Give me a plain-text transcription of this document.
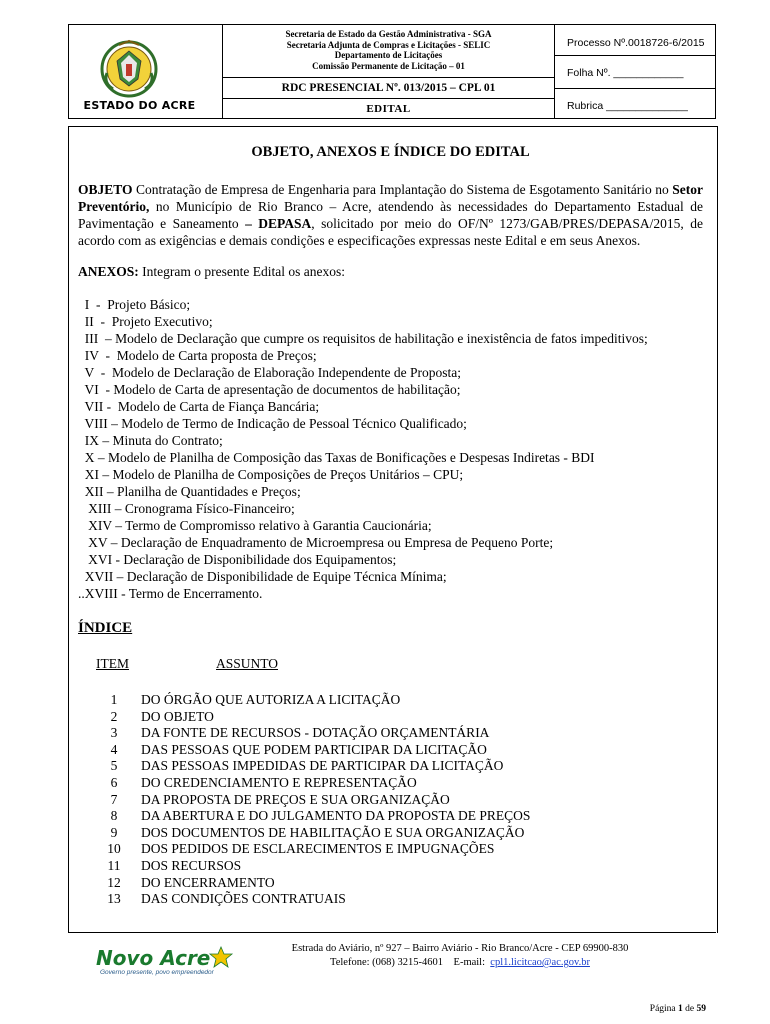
ESTADO DO ACRE
Secretaria de Estado da Gestão Administrativa - SGA
Secretaria Adjunta de Compras e Licitações - SELIC
Departamento de Licitações
Comissão Permanente de Licitação – 01
RDC PRESENCIAL Nº. 013/2015 – CPL 01
EDITAL
Processo Nº.0018726-6/2015
Folha Nº. ____________
Rubrica ______________
OBJETO, ANEXOS E ÍNDICE DO EDITAL

OBJETO Contratação de Empresa de Engenharia para Implantação do Sistema de Esgotamento Sanitário no Setor Preventório, no Município de Rio Branco – Acre, atendendo às necessidades do Departamento Estadual de Pavimentação e Saneamento – DEPASA, solicitado por meio do OF/Nº 1273/GAB/PRES/DEPASA/2015, de acordo com as exigências e demais condições e especificações expressas neste Edital e em seus Anexos.

ANEXOS: Integram o presente Edital os anexos:

I  -  Projeto Básico;
II  -  Projeto Executivo;
III  – Modelo de Declaração que cumpre os requisitos de habilitação e inexistência de fatos impeditivos;
IV  -  Modelo de Carta proposta de Preços;
V  -  Modelo de Declaração de Elaboração Independente de Proposta;
VI  - Modelo de Carta de apresentação de documentos de habilitação;
VII -  Modelo de Carta de Fiança Bancária;
VIII – Modelo de Termo de Indicação de Pessoal Técnico Qualificado;
IX – Minuta do Contrato;
X – Modelo de Planilha de Composição das Taxas de Bonificações e Despesas Indiretas - BDI
XI – Modelo de Planilha de Composições de Preços Unitários – CPU;
XII – Planilha de Quantidades e Preços;
XIII – Cronograma Físico-Financeiro;
XIV – Termo de Compromisso relativo à Garantia Caucionária;
XV – Declaração de Enquadramento de Microempresa ou Empresa de Pequeno Porte;
XVI - Declaração de Disponibilidade dos Equipamentos;
XVII – Declaração de Disponibilidade de Equipe Técnica Mínima;
..XVIII - Termo de Encerramento.
ÍNDICE
ITEM	ASSUNTO
1	DO ÓRGÃO QUE AUTORIZA A LICITAÇÃO
2	DO OBJETO
3	DA FONTE DE RECURSOS - DOTAÇÃO ORÇAMENTÁRIA
4	DAS PESSOAS QUE PODEM PARTICIPAR DA LICITAÇÃO
5	DAS PESSOAS IMPEDIDAS DE PARTICIPAR DA LICITAÇÃO
6	DO CREDENCIAMENTO E REPRESENTAÇÃO
7	DA PROPOSTA DE PREÇOS E SUA ORGANIZAÇÃO
8	DA ABERTURA E DO JULGAMENTO DA PROPOSTA DE PREÇOS
9	DOS DOCUMENTOS DE HABILITAÇÃO E SUA ORGANIZAÇÃO
10	DOS PEDIDOS DE ESCLARECIMENTOS E IMPUGNAÇÕES
11	DOS RECURSOS
12	DO ENCERRAMENTO
13	DAS CONDIÇÕES CONTRATUAIS
Novo Acre
Governo presente, povo empreendedor
Estrada do Aviário, nº 927 – Bairro Aviário - Rio Branco/Acre - CEP 69900-830
Telefone: (068) 3215-4601    E-mail:  cpl1.licitcao@ac.gov.br
Página 1 de 59
